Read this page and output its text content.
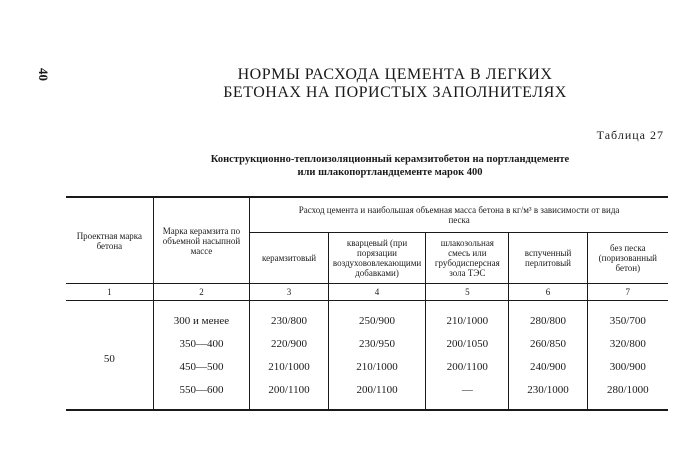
40	НОРМЫ РАСХОДА ЦЕМЕНТА В ЛЕГКИХ
БЕТОНАХ НА ПОРИСТЫХ ЗАПОЛНИТЕЛЯХ
Таблица 27
Конструкционно-теплоизоляционный керамзитобетон на портландцементе
или шлакопортландцементе марок 400
Проектная марка бетона	Марка керамзита по объемной насыпной массе	Расход цемента и наибольшая объемная масса бетона в кг/м³ в зависимости от вида песка				
		керамзитовый	кварцевый (при порязации воздухововлекающими добавками)	шлакозольная смесь или грубодисперсная зола ТЭС	вспученный перлитовый	без песка (поризованный бетон)
1	2	3	4	5	6	7

50	300 и менее	230/800	250/900	210/1000	280/800	350/700
	350—400	220/900	230/950	200/1050	260/850	320/800
	450—500	210/1000	210/1000	200/1100	240/900	300/900
	550—600	200/1100	200/1100	—	230/1000	280/1000
